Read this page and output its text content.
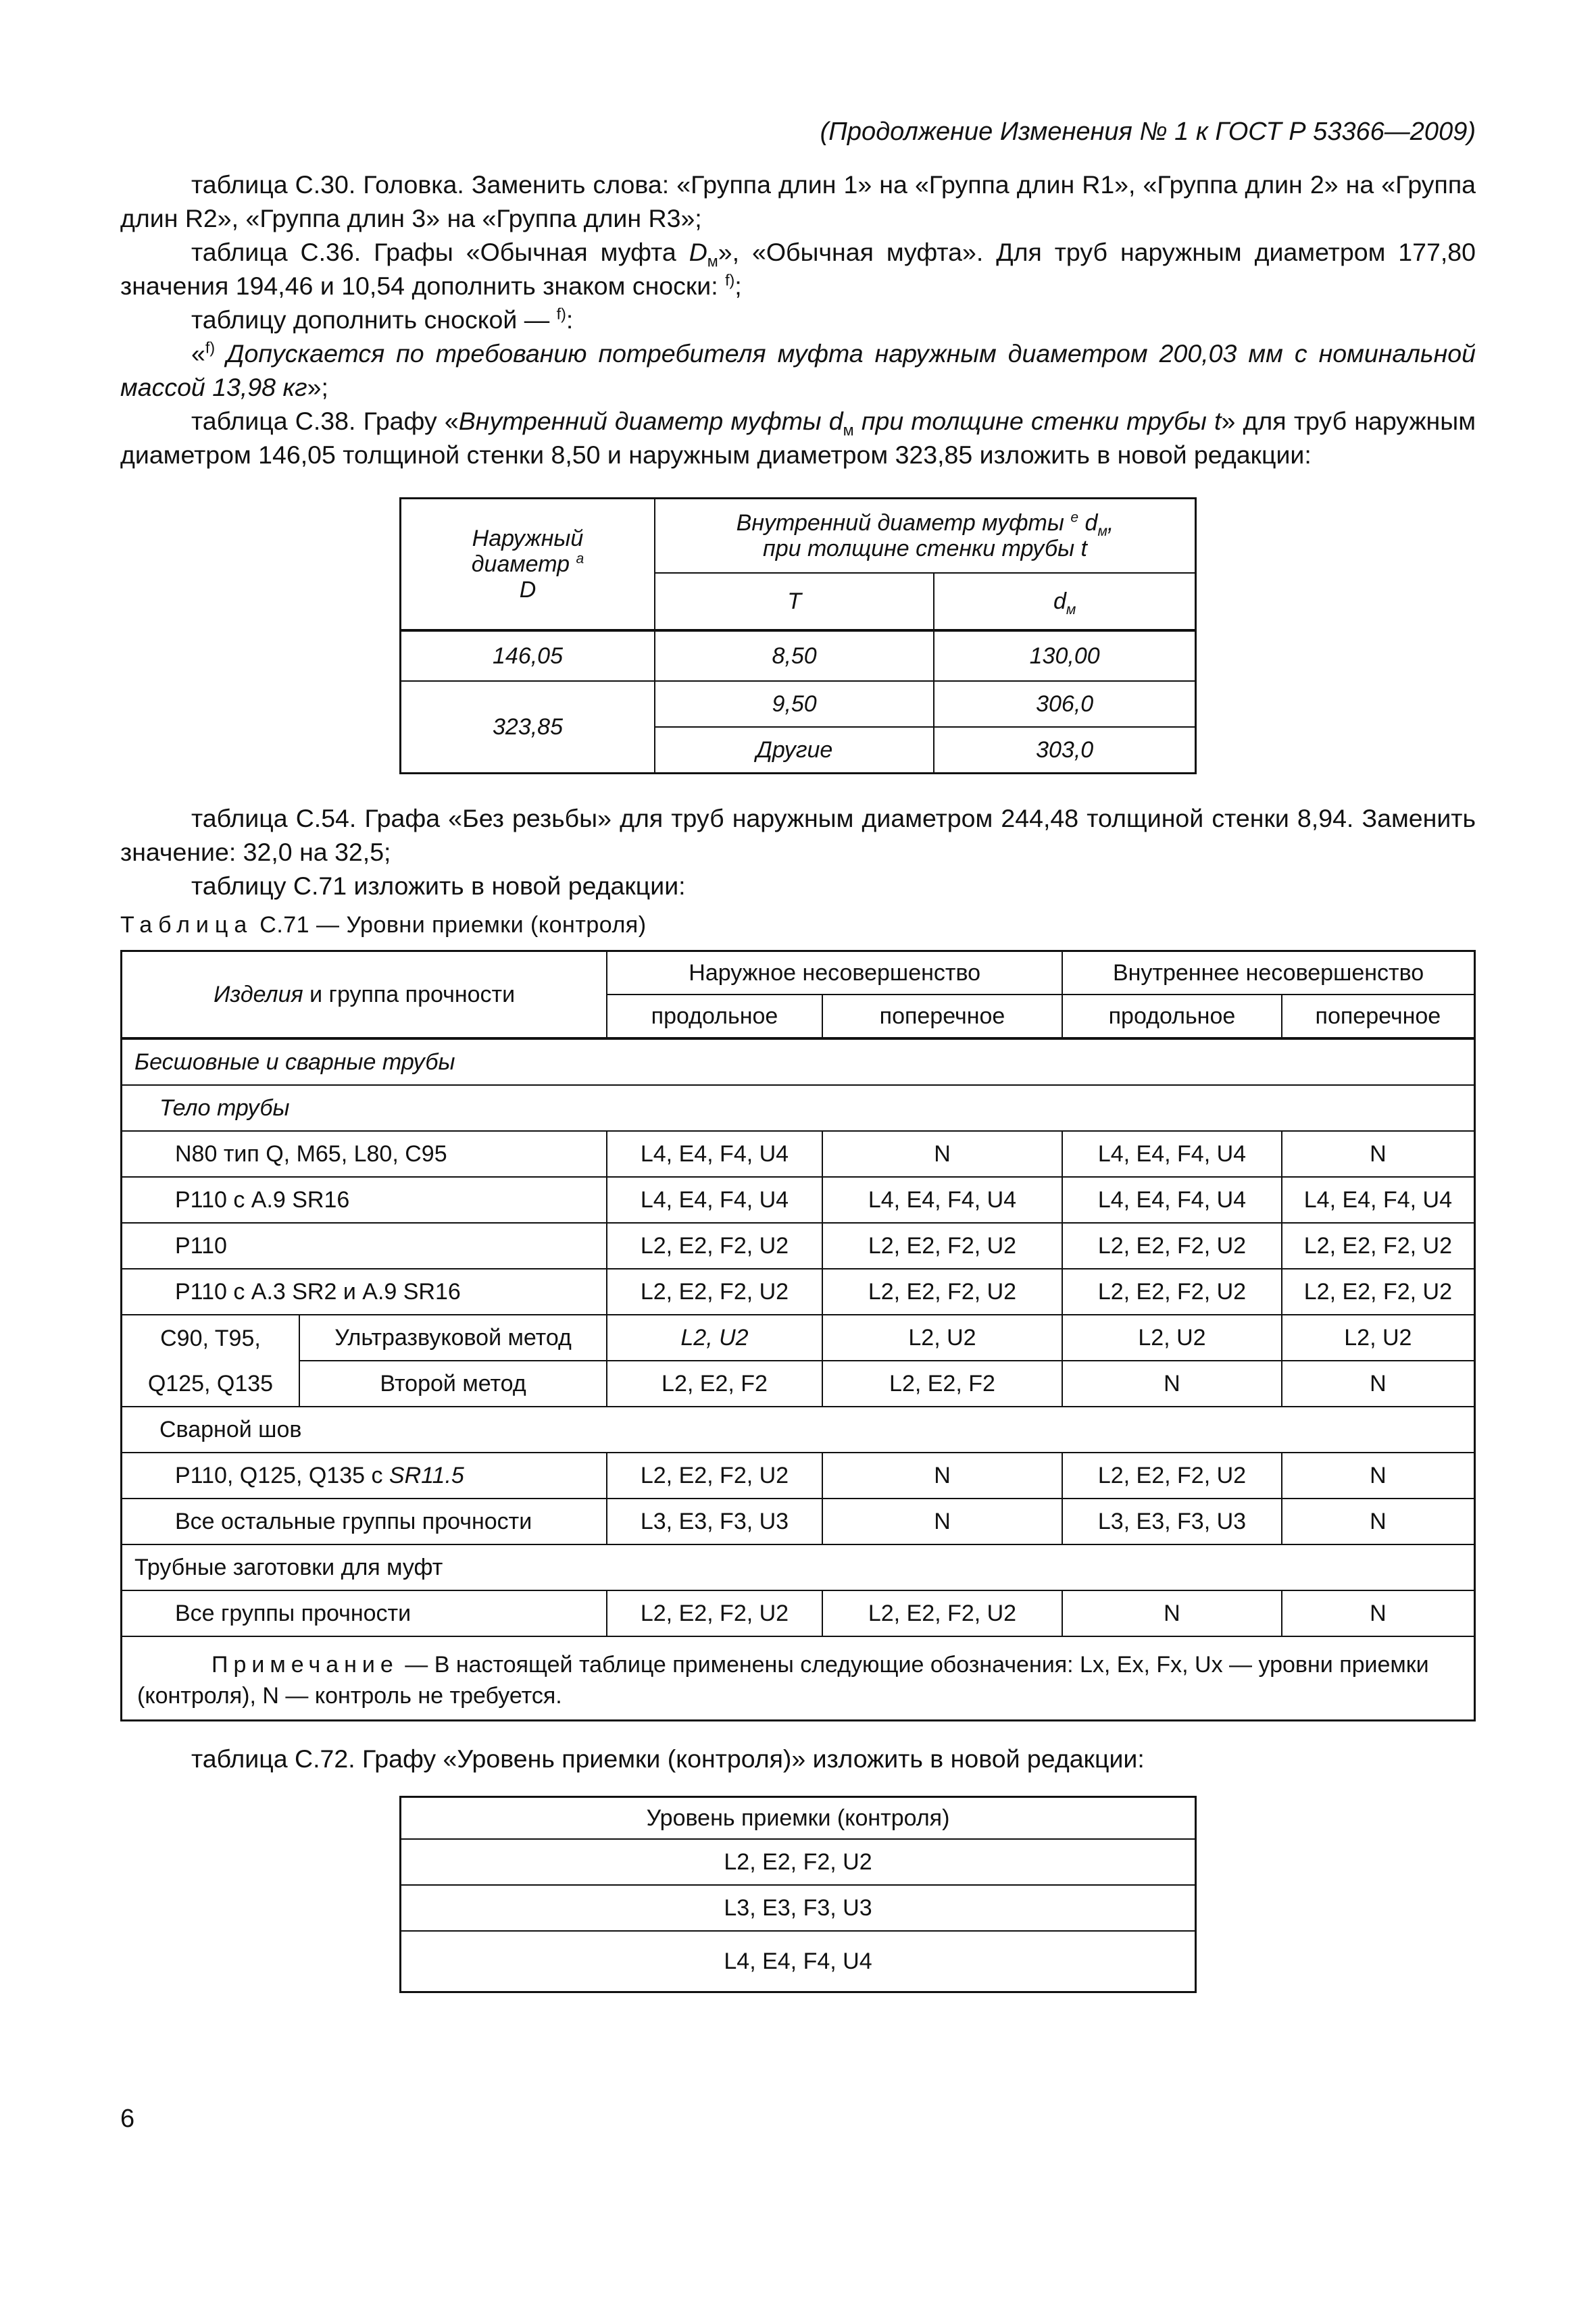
(Продолжение Изменения № 1 к ГОСТ Р 53366—2009)

таблица С.30. Головка. Заменить слова: «Группа длин 1» на «Группа длин R1», «Группа длин 2» на «Группа длин R2», «Группа длин 3» на «Группа длин R3»;

таблица С.36. Графы «Обычная муфта $D_м$», «Обычная муфта». Для труб наружным диаметром 177,80 значения 194,46 и 10,54 дополнить знаком сноски: $^{f)}$;

таблицу дополнить сноской — $^{f)}$:

«$^{f)}$ Допускается по требованию потребителя муфта наружным диаметром 200,03 мм с номинальной массой 13,98 кг»;

таблица С.38. Графу «Внутренний диаметр муфты $d_м$ при толщине стенки трубы t» для труб наружным диаметром 146,05 толщиной стенки 8,50 и наружным диаметром 323,85 изложить в новой редакции:

Наружный
диаметр $^a$
D	Внутренний диаметр муфты $^e$ $d_м$,
при толщине стенки трубы t	
	T	$d_м$
146,05	8,50	130,00
323,85	9,50	306,0
	Другие	303,0

таблица С.54. Графа «Без резьбы» для труб наружным диаметром 244,48 толщиной стенки 8,94. Заменить значение: 32,0 на 32,5;

таблицу С.71 изложить в новой редакции:

Таблица С.71 — Уровни приемки (контроля)
Изделия и группа прочности		Наружное несовершенство		Внутреннее несовершенство	
		продольное	поперечное	продольное	поперечное
Бесшовные и сварные трубы					
Тело трубы					
N80 тип Q, M65, L80, C95		L4, E4, F4, U4	N	L4, E4, F4, U4	N
P110 с А.9 SR16		L4, E4, F4, U4	L4, E4, F4, U4	L4, E4, F4, U4	L4, E4, F4, U4
P110		L2, E2, F2, U2	L2, E2, F2, U2	L2, E2, F2, U2	L2, E2, F2, U2
P110 с А.3 SR2 и А.9 SR16		L2, E2, F2, U2	L2, E2, F2, U2	L2, E2, F2, U2	L2, E2, F2, U2
C90, T95,	Ультразвуковой метод	L2, U2	L2, U2	L2, U2	L2, U2
Q125, Q135	Второй метод	L2, E2, F2	L2, E2, F2	N	N
Сварной шов					
P110, Q125, Q135 с SR11.5		L2, E2, F2, U2	N	L2, E2, F2, U2	N
Все остальные группы прочности		L3, E3, F3, U3	N	L3, E3, F3, U3	N
Трубные заготовки для муфт					
Все группы прочности		L2, E2, F2, U2	L2, E2, F2, U2	N	N
Примечание — В настоящей таблице применены следующие обозначения: Lx, Ex, Fx, Ux — уровни приемки (контроля), N — контроль не требуется.					

таблица С.72. Графу «Уровень приемки (контроля)» изложить в новой редакции:

Уровень приемки (контроля)
L2, E2, F2, U2
L3, E3, F3, U3
L4, E4, F4, U4
6
